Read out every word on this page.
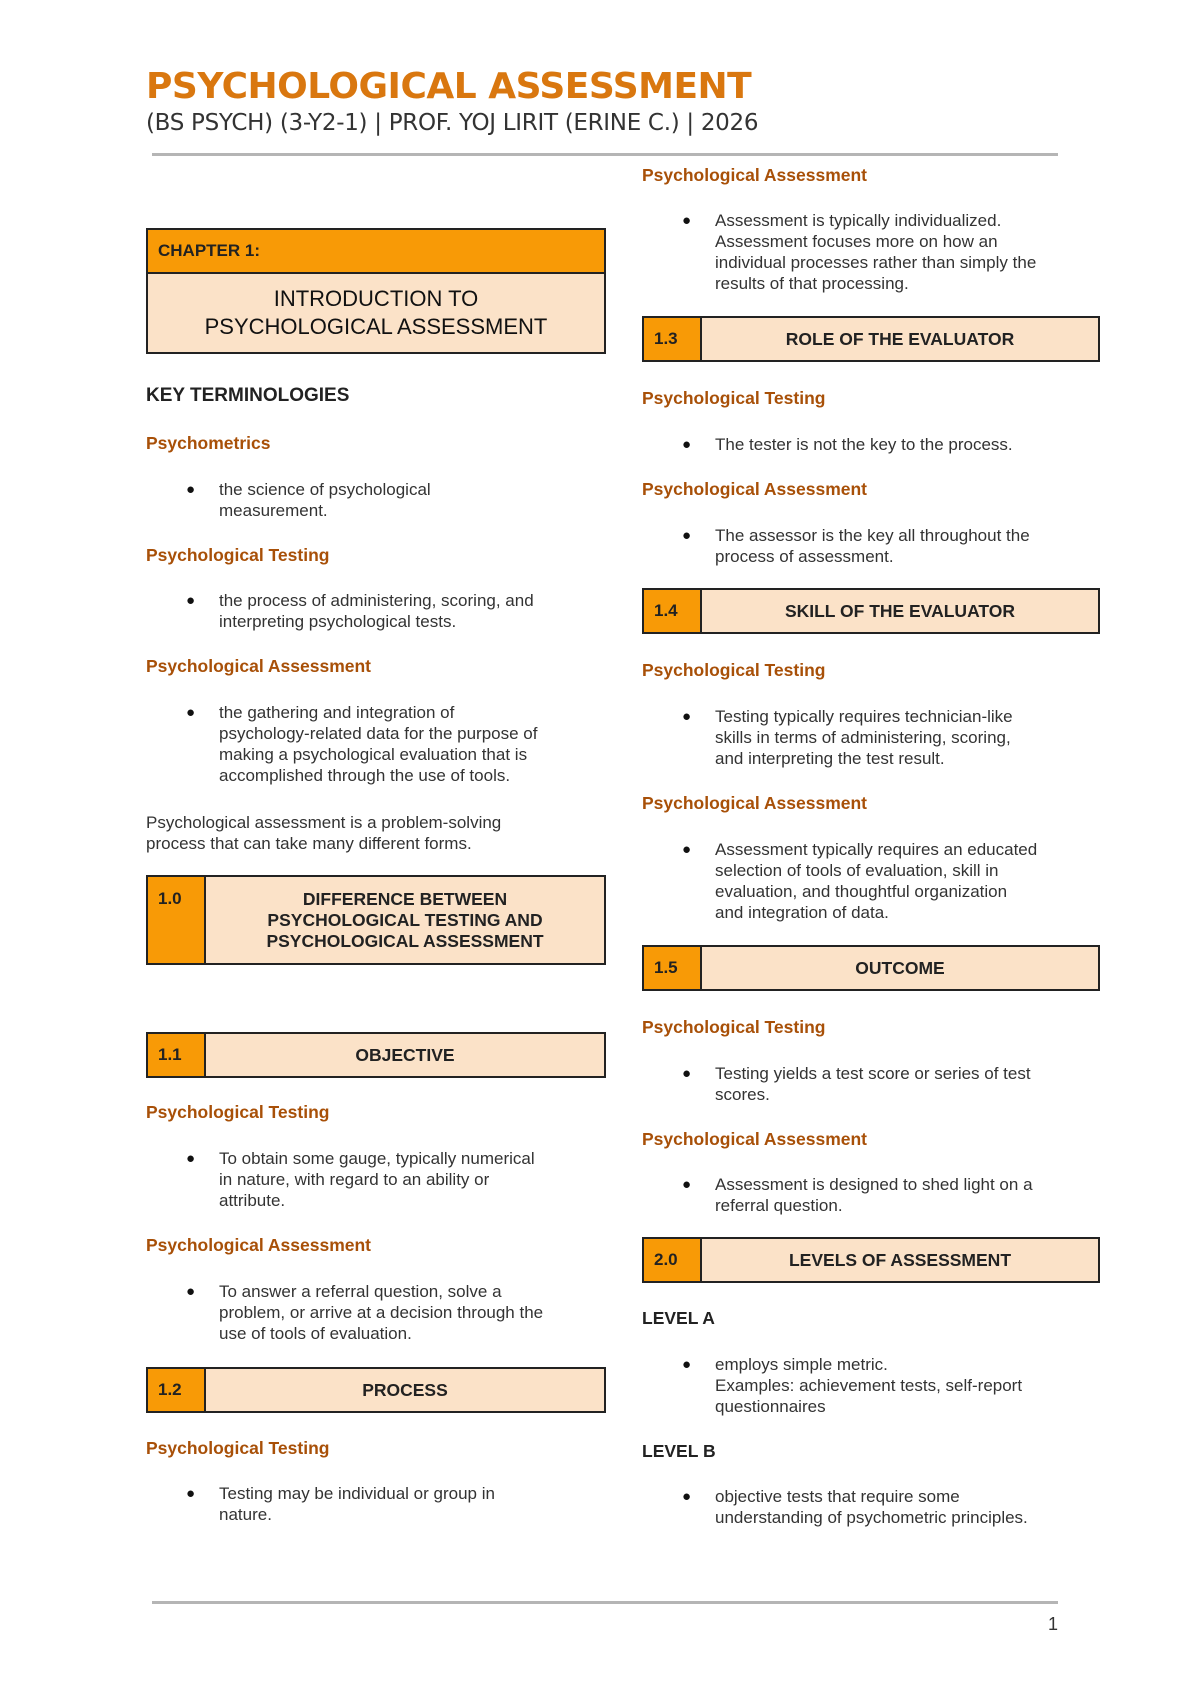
PSYCHOLOGICAL ASSESSMENT
(BS PSYCH) (3-Y2-1) | PROF. YOJ LIRIT (ERINE C.) | 2026
CHAPTER 1:
INTRODUCTION TO
PSYCHOLOGICAL ASSESSMENT
KEY TERMINOLOGIES
Psychometrics
● the science of psychological
measurement.
Psychological Testing
● the process of administering, scoring, and
interpreting psychological tests.
Psychological Assessment
● the gathering and integration of
psychology-related data for the purpose of
making a psychological evaluation that is
accomplished through the use of tools.
Psychological assessment is a problem-solving
process that can take many different forms.
1.0	DIFFERENCE BETWEEN
PSYCHOLOGICAL TESTING AND
PSYCHOLOGICAL ASSESSMENT
1.1	OBJECTIVE
Psychological Testing
● To obtain some gauge, typically numerical
in nature, with regard to an ability or
attribute.
Psychological Assessment
● To answer a referral question, solve a
problem, or arrive at a decision through the
use of tools of evaluation.
1.2	PROCESS
Psychological Testing
● Testing may be individual or group in
nature.
Psychological Assessment
● Assessment is typically individualized.
Assessment focuses more on how an
individual processes rather than simply the
results of that processing.
1.3	ROLE OF THE EVALUATOR
Psychological Testing
● The tester is not the key to the process.
Psychological Assessment
● The assessor is the key all throughout the
process of assessment.
1.4	SKILL OF THE EVALUATOR
Psychological Testing
● Testing typically requires technician-like
skills in terms of administering, scoring,
and interpreting the test result.
Psychological Assessment
● Assessment typically requires an educated
selection of tools of evaluation, skill in
evaluation, and thoughtful organization
and integration of data.
1.5	OUTCOME
Psychological Testing
● Testing yields a test score or series of test
scores.
Psychological Assessment
● Assessment is designed to shed light on a
referral question.
2.0	LEVELS OF ASSESSMENT
LEVEL A
● employs simple metric.
Examples: achievement tests, self-report
questionnaires
LEVEL B
● objective tests that require some
understanding of psychometric principles.
1
